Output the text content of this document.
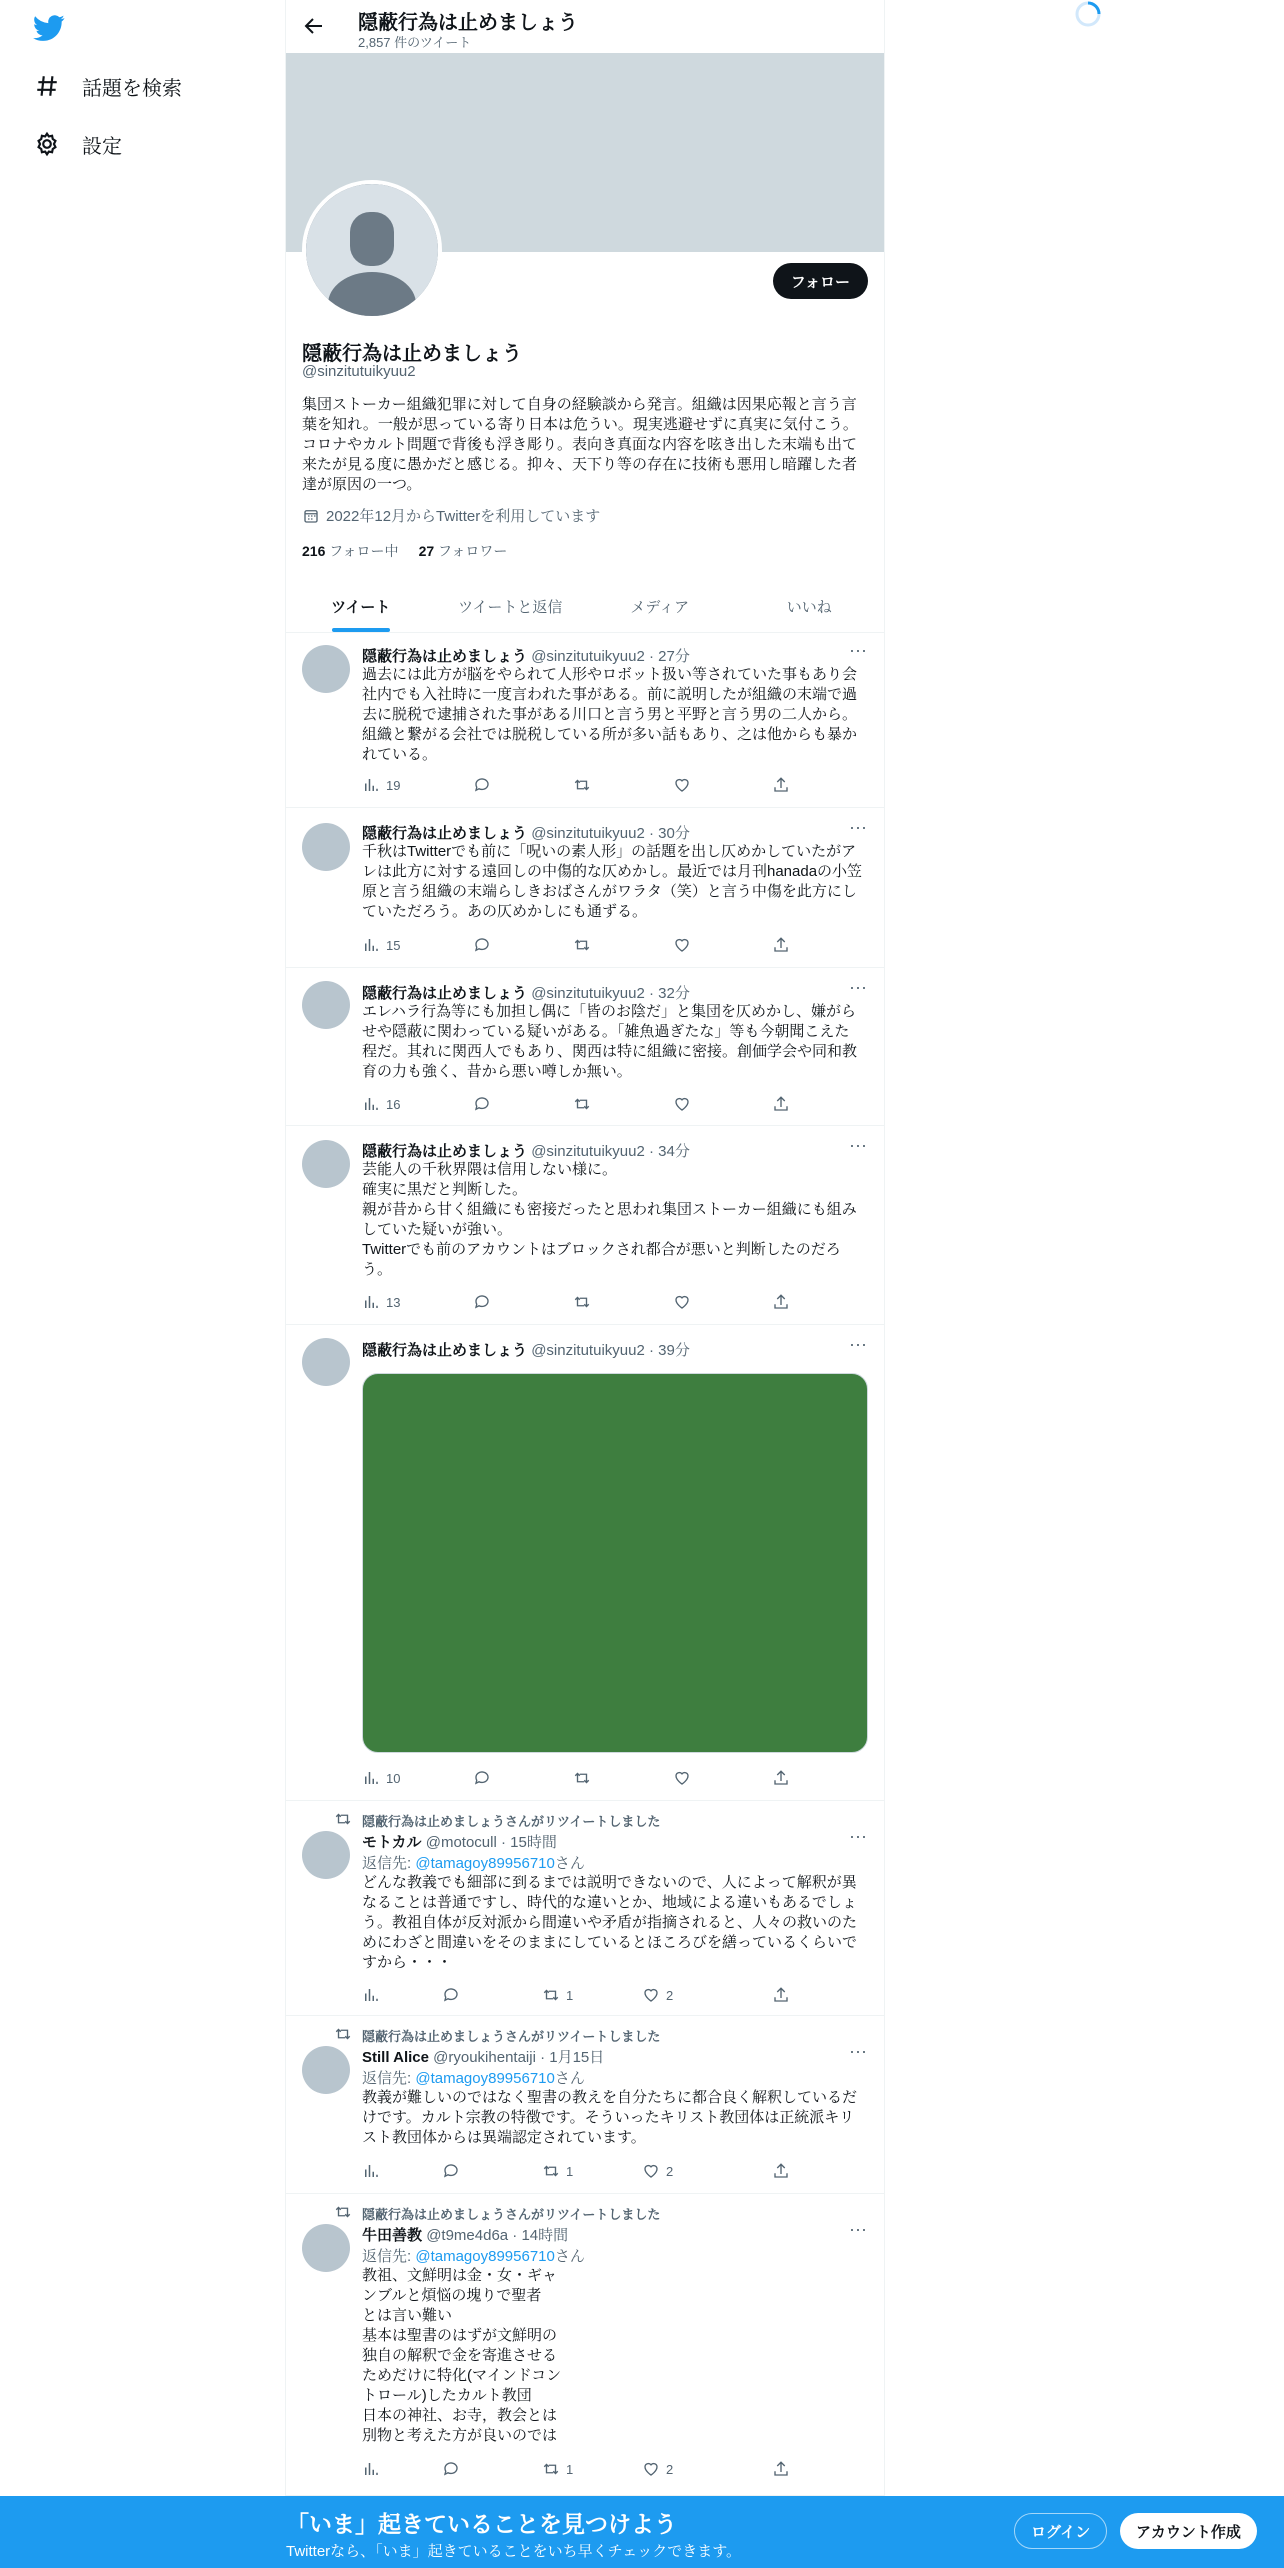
話題を検索
設定
隠蔽行為は止めましょう
2,857 件のツイート
フォロー
隠蔽行為は止めましょう
@sinzitutuikyuu2
集団ストーカー組織犯罪に対して自身の経験談から発言。組織は因果応報と言う言葉を知れ。一般が思っている寄り日本は危うい。現実逃避せずに真実に気付こう。コロナやカルト問題で背後も浮き彫り。表向き真面な内容を呟き出した末端も出て来たが見る度に愚かだと感じる。抑々、天下り等の存在に技術も悪用し暗躍した者達が原因の一つ。
2022年12月からTwitterを利用しています
216 フォロー中 27 フォロワー
ツイート	ツイートと返信	メディア	いいね
隠蔽行為は止めましょう @sinzitutuikyuu2 · 27分	···
過去には此方が脳をやられて人形やロボット扱い等されていた事もあり会
社内でも入社時に一度言われた事がある。前に説明したが組織の末端で過
去に脱税で逮捕された事がある川口と言う男と平野と言う男の二人から。
組織と繋がる会社では脱税している所が多い話もあり、之は他からも暴か
れている。
19
隠蔽行為は止めましょう @sinzitutuikyuu2 · 30分	···
千秋はTwitterでも前に「呪いの素人形」の話題を出し仄めかしていたがア
レは此方に対する遠回しの中傷的な仄めかし。最近では月刊hanadaの小笠
原と言う組織の末端らしきおばさんがワラタ（笑）と言う中傷を此方にし
ていただろう。あの仄めかしにも通ずる。
15
隠蔽行為は止めましょう @sinzitutuikyuu2 · 32分	···
エレハラ行為等にも加担し偶に「皆のお陰だ」と集団を仄めかし、嫌がら
せや隠蔽に関わっている疑いがある。「雑魚過ぎたな」等も今朝聞こえた
程だ。其れに関西人でもあり、関西は特に組織に密接。創価学会や同和教
育の力も強く、昔から悪い噂しか無い。
16
隠蔽行為は止めましょう @sinzitutuikyuu2 · 34分	···
芸能人の千秋界隈は信用しない様に。
確実に黒だと判断した。
親が昔から甘く組織にも密接だったと思われ集団ストーカー組織にも組み
していた疑いが強い。
Twitterでも前のアカウントはブロックされ都合が悪いと判断したのだろ
う。
13
隠蔽行為は止めましょう @sinzitutuikyuu2 · 39分	···
10
隠蔽行為は止めましょうさんがリツイートしました
モトカル @motocull · 15時間	···
返信先: @tamagoy89956710さん
どんな教義でも細部に到るまでは説明できないので、人によって解釈が異
なることは普通ですし、時代的な違いとか、地域による違いもあるでしょ
う。教祖自体が反対派から間違いや矛盾が指摘されると、人々の救いのた
めにわざと間違いをそのままにしているとほころびを繕っているくらいで
すから・・・
1	2
隠蔽行為は止めましょうさんがリツイートしました
Still Alice @ryoukihentaiji · 1月15日	···
返信先: @tamagoy89956710さん
教義が難しいのではなく聖書の教えを自分たちに都合良く解釈しているだ
けです。カルト宗教の特徴です。そういったキリスト教団体は正統派キリ
スト教団体からは異端認定されています。
1	2
隠蔽行為は止めましょうさんがリツイートしました
牛田善教 @t9me4d6a · 14時間	···
返信先: @tamagoy89956710さん
教祖、文鮮明は金・女・ギャ
ンブルと煩悩の塊りで聖者
とは言い難い
基本は聖書のはずが文鮮明の
独自の解釈で金を寄進させる
ためだけに特化(マインドコン
トロール)したカルト教団
日本の神社、お寺，教会とは
別物と考えた方が良いのでは
1	2
「いま」起きていることを見つけよう
Twitterなら、「いま」起きていることをいち早くチェックできます。
ログイン	アカウント作成
